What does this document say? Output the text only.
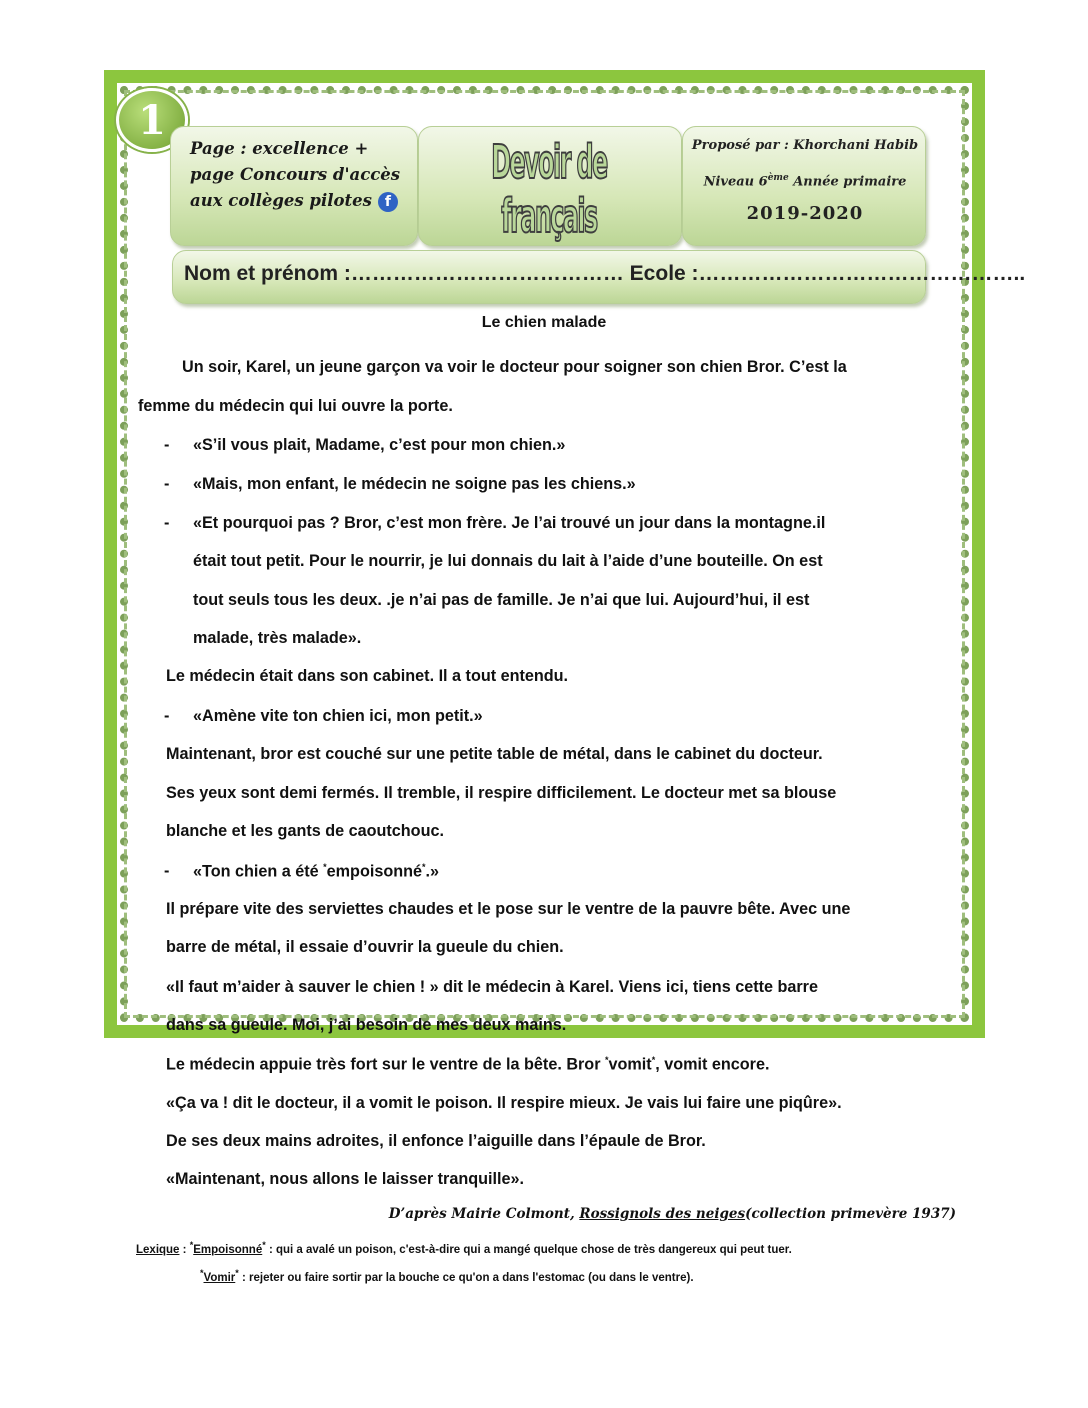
1
Page : excellence +
page Concours d'accès
aux collèges pilotes f
Devoir de français
Proposé par : Khorchani Habib
Niveau 6ème Année primaire
2019-2020
Nom et prénom :………………………………… Ecole :………………………………………..
Le chien malade
Un soir, Karel, un jeune garçon va voir le docteur pour soigner son chien Bror. C’est la
femme du médecin qui lui ouvre la porte.
- «S’il vous plait, Madame, c’est pour mon chien.»
- «Mais, mon enfant, le médecin ne soigne pas les chiens.»
- «Et pourquoi pas ? Bror, c’est mon frère. Je l’ai trouvé un jour dans la montagne.il
était tout petit. Pour le nourrir, je lui donnais du lait à l’aide d’une bouteille. On est
tout seuls tous les deux. .je n’ai pas de famille. Je n’ai que lui. Aujourd’hui, il est
malade, très malade».
Le médecin était dans son cabinet. Il a tout entendu.
- «Amène vite ton chien ici, mon petit.»
Maintenant, bror est couché sur une petite table de métal, dans le cabinet du docteur.
Ses yeux sont demi fermés. Il tremble, il respire difficilement. Le docteur met sa blouse
blanche et les gants de caoutchouc.
- «Ton chien a été *empoisonné*.»
Il prépare vite des serviettes chaudes et le pose sur le ventre de la pauvre bête. Avec une
barre de métal, il essaie d’ouvrir la gueule du chien.
«Il faut m’aider à sauver le chien ! » dit le médecin à Karel. Viens ici, tiens cette barre
dans sa gueule. Moi, j’ai besoin de mes deux mains.
Le médecin appuie très fort sur le ventre de la bête. Bror *vomit*, vomit encore.
«Ça va ! dit le docteur, il a vomit le poison. Il respire mieux. Je vais lui faire une piqûre».
De ses deux mains adroites, il enfonce l’aiguille dans l’épaule de Bror.
«Maintenant, nous allons le laisser tranquille».
D’après Mairie Colmont, Rossignols des neiges(collection primevère 1937)
Lexique : *Empoisonné* : qui a avalé un poison, c'est-à-dire qui a mangé quelque chose de très dangereux qui peut tuer.
*Vomir* : rejeter ou faire sortir par la bouche ce qu'on a dans l'estomac (ou dans le ventre).
